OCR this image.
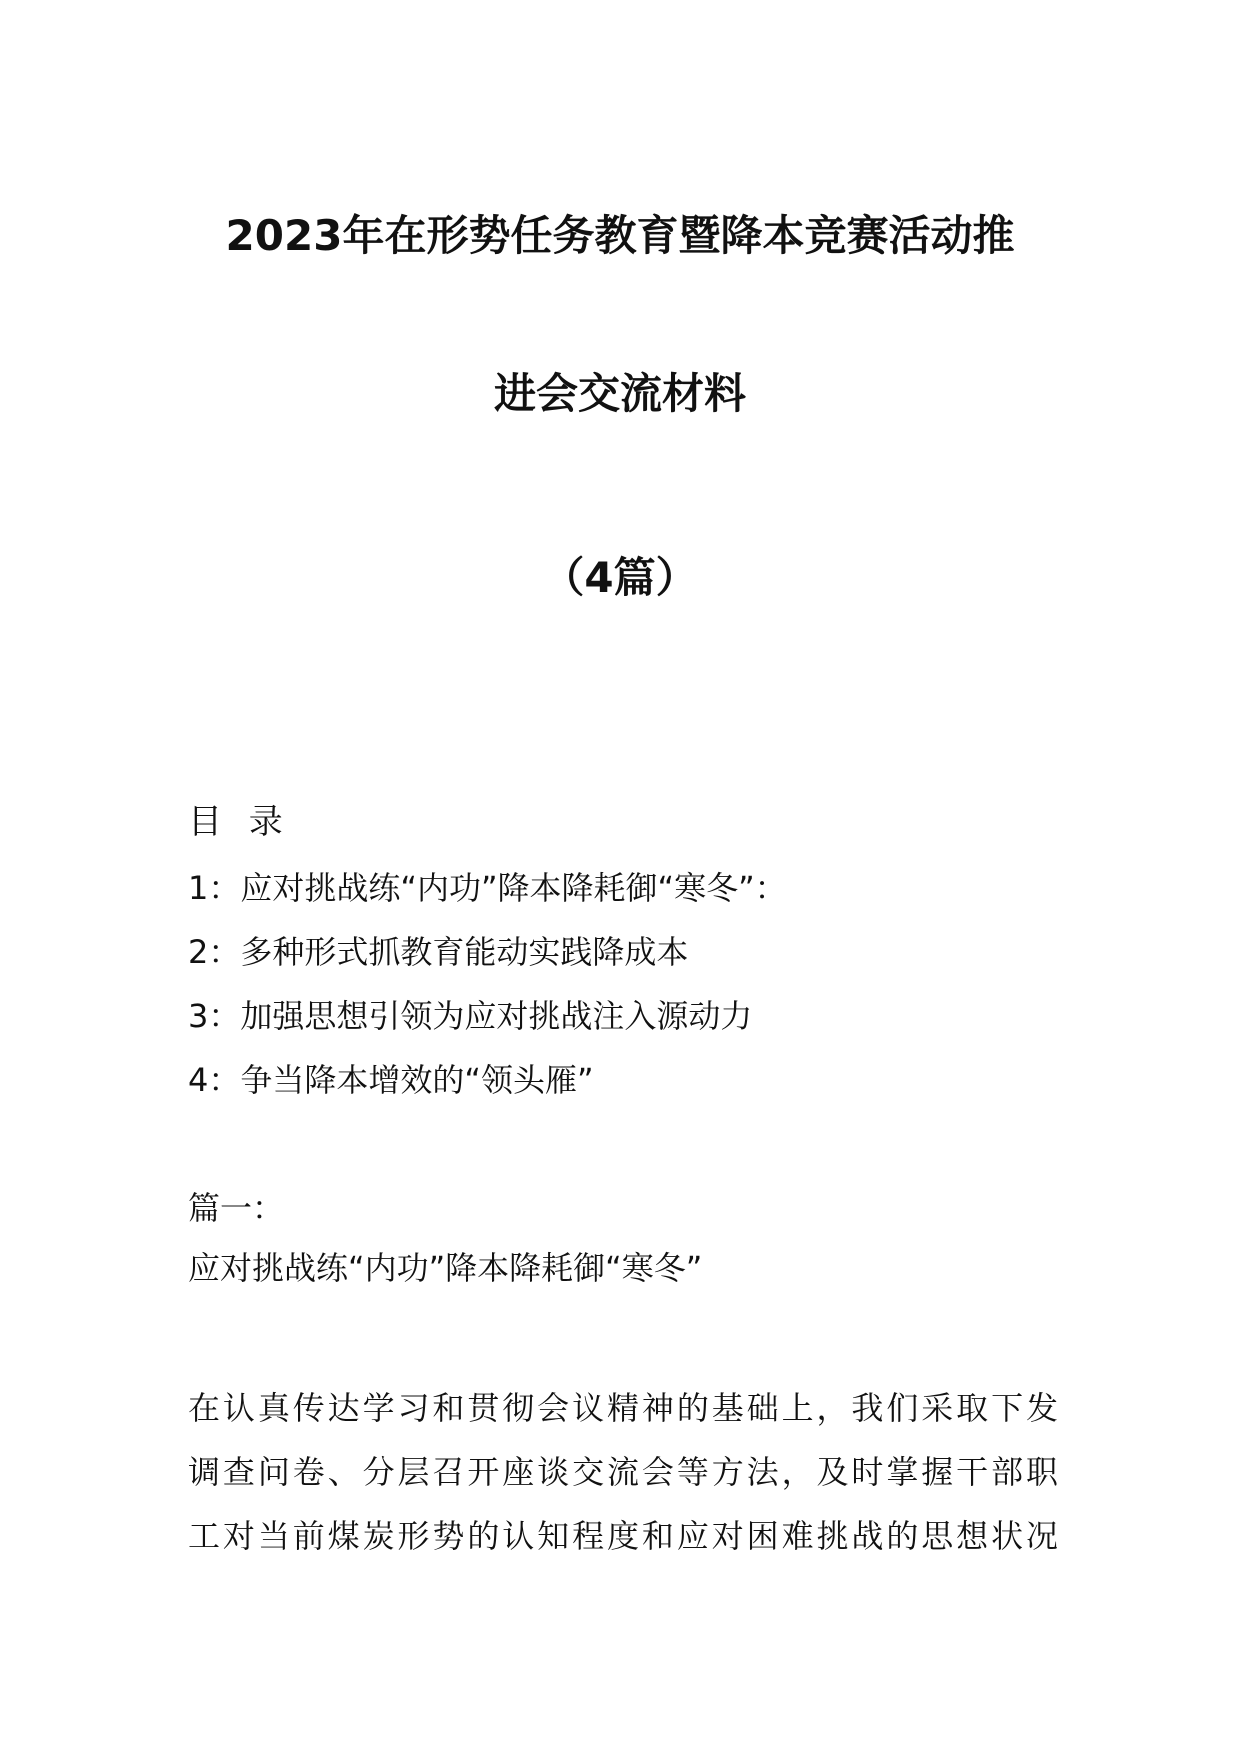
2023年在形势任务教育暨降本竞赛活动推
进会交流材料
（4篇）
目 录
1：应对挑战练“内功”降本降耗御“寒冬”：
2：多种形式抓教育能动实践降成本
3：加强思想引领为应对挑战注入源动力
4：争当降本增效的“领头雁”
篇一：
应对挑战练“内功”降本降耗御“寒冬”

在认真传达学习和贯彻会议精神的基础上，我们采取下发
调查问卷、分层召开座谈交流会等方法，及时掌握干部职
工对当前煤炭形势的认知程度和应对困难挑战的思想状况
